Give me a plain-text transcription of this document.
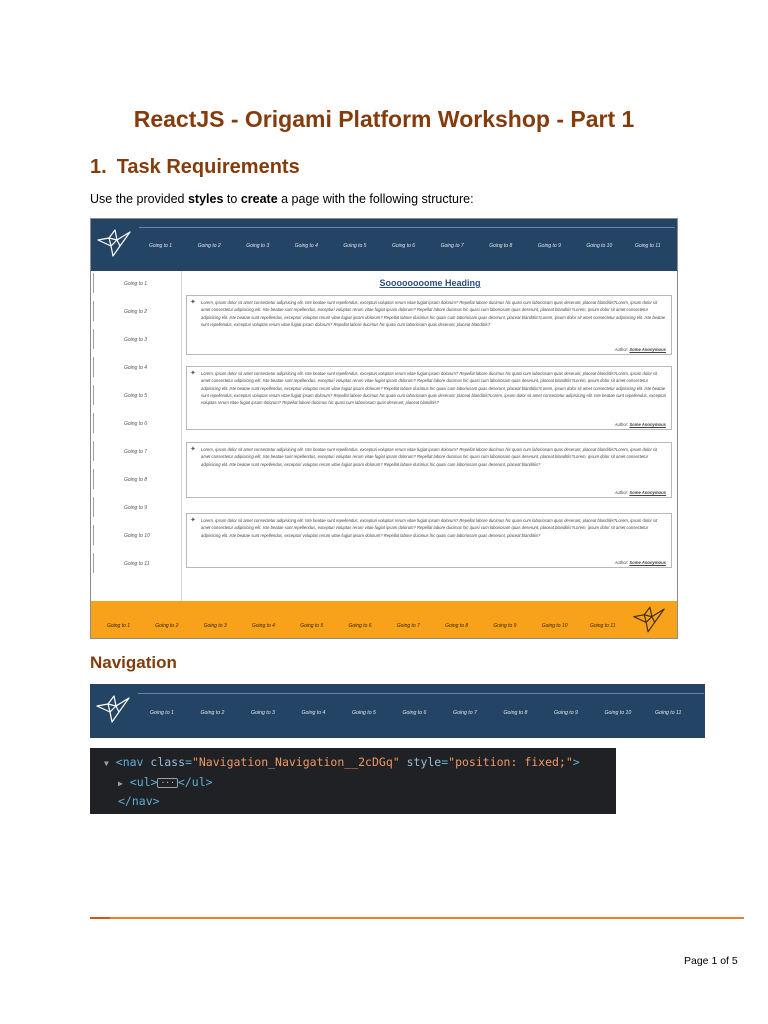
ReactJS - Origami Platform Workshop - Part 1
1. Task Requirements
Use the provided styles to create a page with the following structure:
Going to 1	Going to 2	Going to 3	Going to 4	Going to 5	Going to 6	Going to 7	Going to 8	Going to 9	Going to 10	Going to 11
Going to 1
Going to 2
Going to 3
Going to 4
Going to 5
Going to 6
Going to 7
Going to 8
Going to 9
Going to 10
Going to 11
Soooooooome Heading
✦ Lorem, ipsum dolor sit amet consectetur adipisicing elit. Iste beatae sunt repellendus, excepturi voluptas rerum vitae fugiat ipsam dolorum? Repellat labore ducimus hic quasi cum laboriosam quas deserunt, placeat blanditiis?Lorem, ipsum dolor sit amet consectetur adipisicing elit. Iste beatae sunt repellendus, excepturi voluptas rerum vitae fugiat ipsam dolorum? Repellat labore ducimus hic quasi cum laboriosam quas deserunt, placeat blanditiis?Lorem, ipsum dolor sit amet consectetur adipisicing elit. Iste beatae sunt repellendus, excepturi voluptas rerum vitae fugiat ipsam dolorum? Repellat labore ducimus hic quasi cum laboriosam quas deserunt, placeat blanditiis?Lorem, ipsum dolor sit amet consectetur adipisicing elit. Iste beatae sunt repellendus, excepturi voluptas rerum vitae fugiat ipsam dolorum? Repellat labore ducimus hic quasi cum laboriosam quas deserunt, placeat blanditiis?
Author: Some Anonymous
✦ Lorem, ipsum dolor sit amet consectetur adipisicing elit. Iste beatae sunt repellendus, excepturi voluptas rerum vitae fugiat ipsam dolorum? Repellat labore ducimus hic quasi cum laboriosam quas deserunt, placeat blanditiis?Lorem, ipsum dolor sit amet consectetur adipisicing elit. Iste beatae sunt repellendus, excepturi voluptas rerum vitae fugiat ipsam dolorum? Repellat labore ducimus hic quasi cum laboriosam quas deserunt, placeat blanditiis?Lorem, ipsum dolor sit amet consectetur adipisicing elit. Iste beatae sunt repellendus, excepturi voluptas rerum vitae fugiat ipsam dolorum? Repellat labore ducimus hic quasi cum laboriosam quas deserunt, placeat blanditiis?Lorem, ipsum dolor sit amet consectetur adipisicing elit. Iste beatae sunt repellendus, excepturi voluptas rerum vitae fugiat ipsam dolorum? Repellat labore ducimus hic quasi cum laboriosam quas deserunt, placeat blanditiis?Lorem, ipsum dolor sit amet consectetur adipisicing elit. Iste beatae sunt repellendus, excepturi voluptas rerum vitae fugiat ipsam dolorum? Repellat labore ducimus hic quasi cum laboriosam quas deserunt, placeat blanditiis?
Author: Some Anonymous
✦ Lorem, ipsum dolor sit amet consectetur adipisicing elit. Iste beatae sunt repellendus, excepturi voluptas rerum vitae fugiat ipsam dolorum? Repellat labore ducimus hic quasi cum laboriosam quas deserunt, placeat blanditiis?Lorem, ipsum dolor sit amet consectetur adipisicing elit. Iste beatae sunt repellendus, excepturi voluptas rerum vitae fugiat ipsam dolorum? Repellat labore ducimus hic quasi cum laboriosam quas deserunt, placeat blanditiis?Lorem, ipsum dolor sit amet consectetur adipisicing elit. Iste beatae sunt repellendus, excepturi voluptas rerum vitae fugiat ipsam dolorum? Repellat labore ducimus hic quasi cum laboriosam quas deserunt, placeat blanditiis?
Author: Some Anonymous
✦ Lorem, ipsum dolor sit amet consectetur adipisicing elit. Iste beatae sunt repellendus, excepturi voluptas rerum vitae fugiat ipsam dolorum? Repellat labore ducimus hic quasi cum laboriosam quas deserunt, placeat blanditiis?Lorem, ipsum dolor sit amet consectetur adipisicing elit. Iste beatae sunt repellendus, excepturi voluptas rerum vitae fugiat ipsam dolorum? Repellat labore ducimus hic quasi cum laboriosam quas deserunt, placeat blanditiis?Lorem, ipsum dolor sit amet consectetur adipisicing elit. Iste beatae sunt repellendus, excepturi voluptas rerum vitae fugiat ipsam dolorum? Repellat labore ducimus hic quasi cum laboriosam quas deserunt, placeat blanditiis?
Author: Some Anonymous
Going to 1	Going to 2	Going to 3	Going to 4	Going to 5	Going to 6	Going to 7	Going to 8	Going to 9	Going to 10	Going to 11
Navigation
Going to 1	Going to 2	Going to 3	Going to 4	Going to 5	Going to 6	Going to 7	Going to 8	Going to 9	Going to 10	Going to 11
▼ <nav class="Navigation_Navigation__2cDGq" style="position: fixed;">
▶ <ul> ··· </ul>
</nav>
Page 1 of 5
